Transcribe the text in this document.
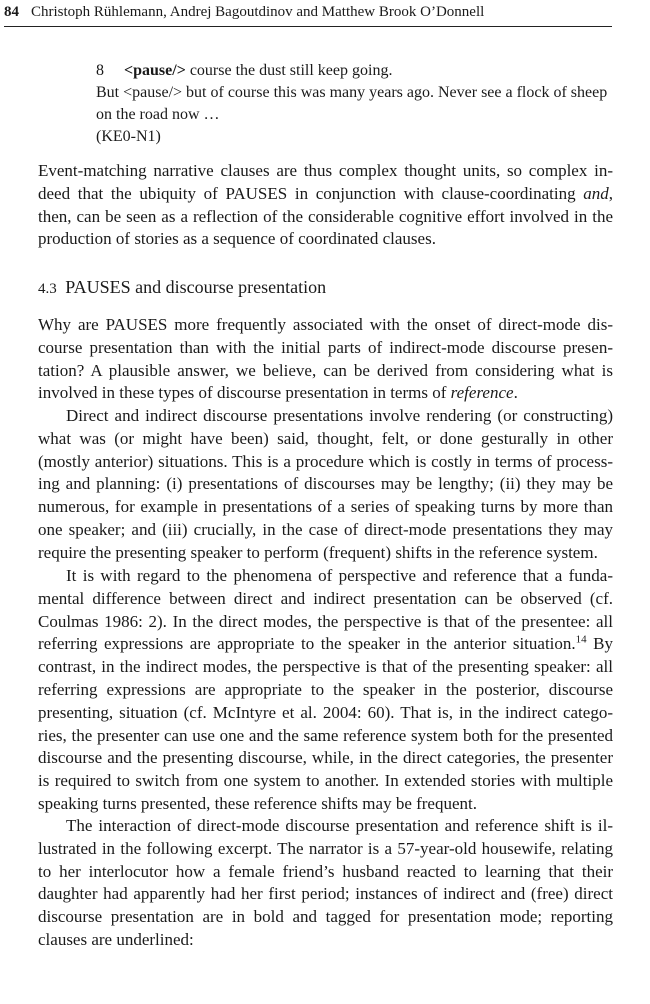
84 Christoph Rühlemann, Andrej Bagoutdinov and Matthew Brook O’Donnell
8 <pause/> course the dust still keep going.
But <pause/> but of course this was many years ago. Never see a flock of sheep on the road now …
(KE0-N1)

Event-matching narrative clauses are thus complex thought units, so complex indeed that the ubiquity of PAUSES in conjunction with clause-coordinating and, then, can be seen as a reflection of the considerable cognitive effort involved in the production of stories as a sequence of coordinated clauses.

4.3 PAUSES and discourse presentation

Why are PAUSES more frequently associated with the onset of direct-mode discourse presentation than with the initial parts of indirect-mode discourse presentation? A plausible answer, we believe, can be derived from considering what is involved in these types of discourse presentation in terms of reference.

Direct and indirect discourse presentations involve rendering (or constructing) what was (or might have been) said, thought, felt, or done gesturally in other (mostly anterior) situations. This is a procedure which is costly in terms of processing and planning: (i) presentations of discourses may be lengthy; (ii) they may be numerous, for example in presentations of a series of speaking turns by more than one speaker; and (iii) crucially, in the case of direct-mode presentations they may require the presenting speaker to perform (frequent) shifts in the reference system.

It is with regard to the phenomena of perspective and reference that a fundamental difference between direct and indirect presentation can be observed (cf. Coulmas 1986: 2). In the direct modes, the perspective is that of the presentee: all referring expressions are appropriate to the speaker in the anterior situation.$^{14}$ By contrast, in the indirect modes, the perspective is that of the presenting speaker: all referring expressions are appropriate to the speaker in the posterior, discourse presenting, situation (cf. McIntyre et al. 2004: 60). That is, in the indirect categories, the presenter can use one and the same reference system both for the presented discourse and the presenting discourse, while, in the direct categories, the presenter is required to switch from one system to another. In extended stories with multiple speaking turns presented, these reference shifts may be frequent.

The interaction of direct-mode discourse presentation and reference shift is illustrated in the following excerpt. The narrator is a 57-year-old housewife, relating to her interlocutor how a female friend’s husband reacted to learning that their daughter had apparently had her first period; instances of indirect and (free) direct discourse presentation are in bold and tagged for presentation mode; reporting clauses are underlined:
